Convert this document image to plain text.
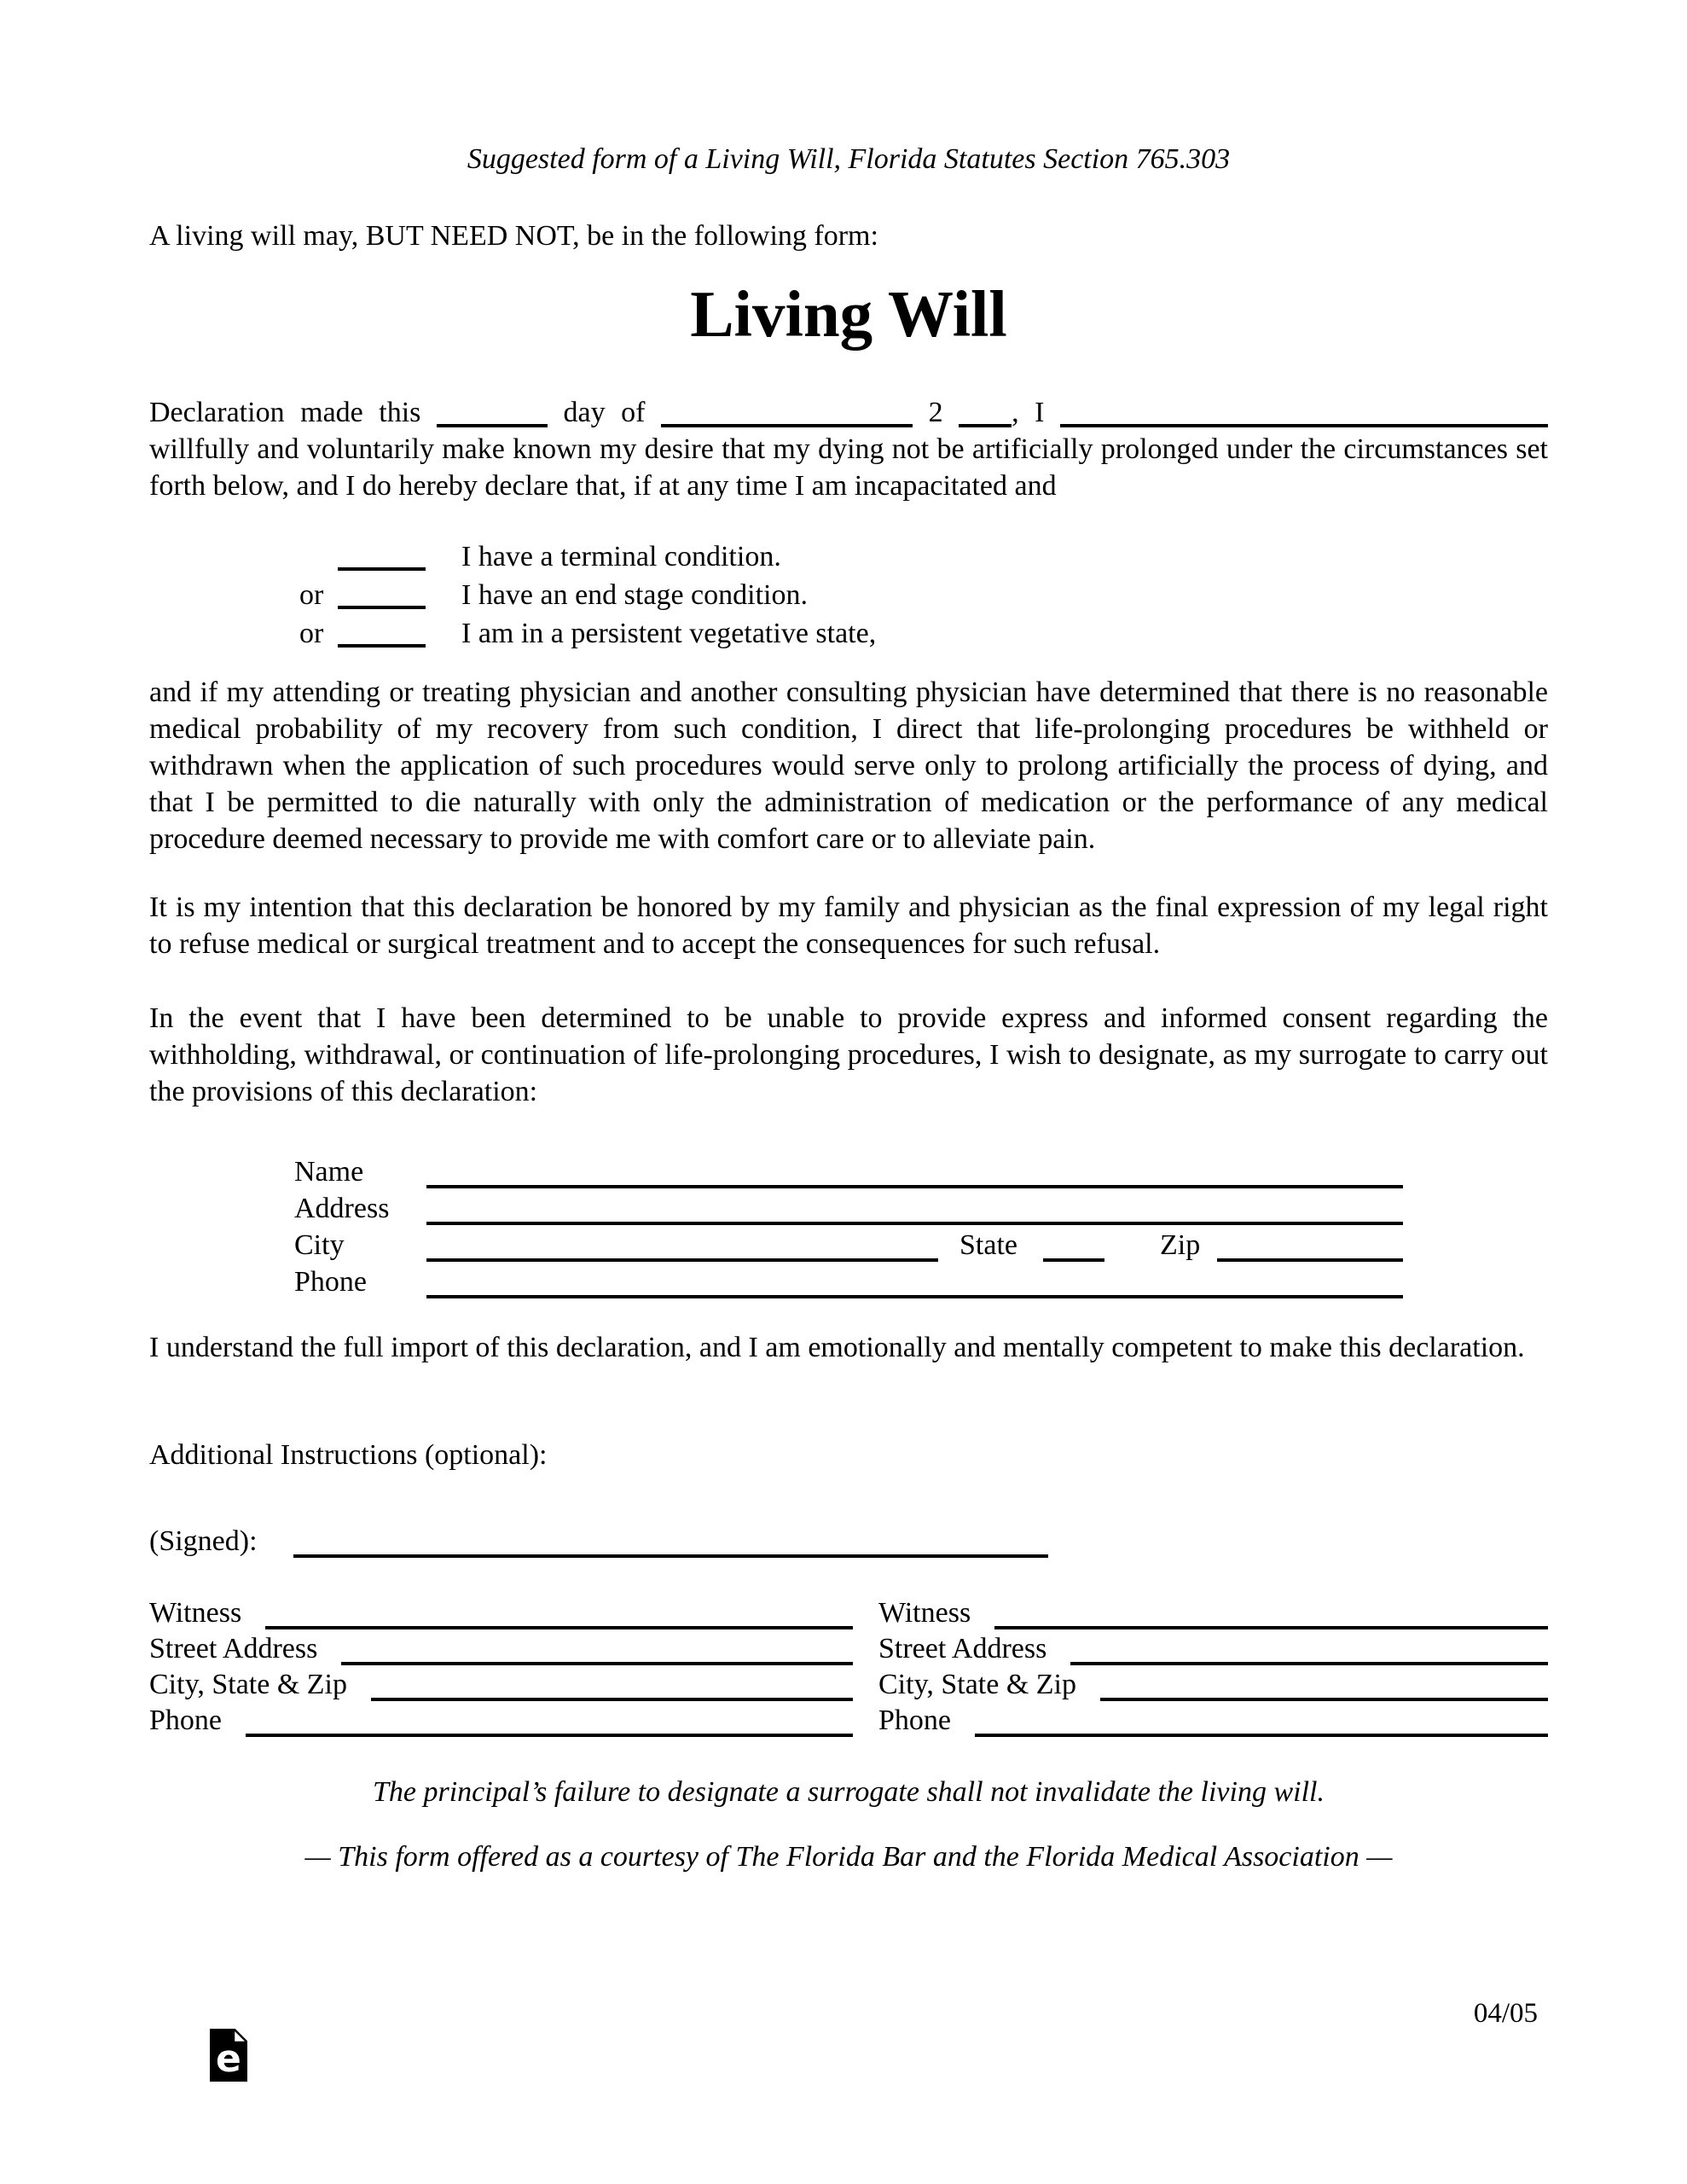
Suggested form of a Living Will, Florida Statutes Section 765.303
A living will may, BUT NEED NOT, be in the following form:
Living Will

Declaration made this	day of	2 , I  willfully and voluntarily make known my desire that my dying not be artificially prolonged under the circumstances set forth below, and I do hereby declare that, if at any time I am incapacitated and

I have a terminal condition.
or	I have an end stage condition.
or	I am in a persistent vegetative state,

and if my attending or treating physician and another consulting physician have determined that there is no reasonable medical probability of my recovery from such condition, I direct that life-prolonging procedures be withheld or withdrawn when the application of such procedures would serve only to prolong artificially the process of dying, and that I be permitted to die naturally with only the administration of medication or the performance of any medical procedure deemed necessary to provide me with comfort care or to alleviate pain.

It is my intention that this declaration be honored by my family and physician as the final expression of my legal right to refuse medical or surgical treatment and to accept the consequences for such refusal.

In the event that I have been determined to be unable to provide express and informed consent regarding the withholding, withdrawal, or continuation of life-prolonging procedures, I wish to designate, as my surrogate to carry out the provisions of this declaration:

Name
Address
City	State	Zip
Phone

I understand the full import of this declaration, and I am emotionally and mentally competent to make this declaration.

Additional Instructions (optional):
(Signed):
Witness
Street Address
City, State & Zip
Phone
Witness
Street Address
City, State & Zip
Phone
The principal’s failure to designate a surrogate shall not invalidate the living will.
— This form offered as a courtesy of The Florida Bar and the Florida Medical Association —
04/05
e
